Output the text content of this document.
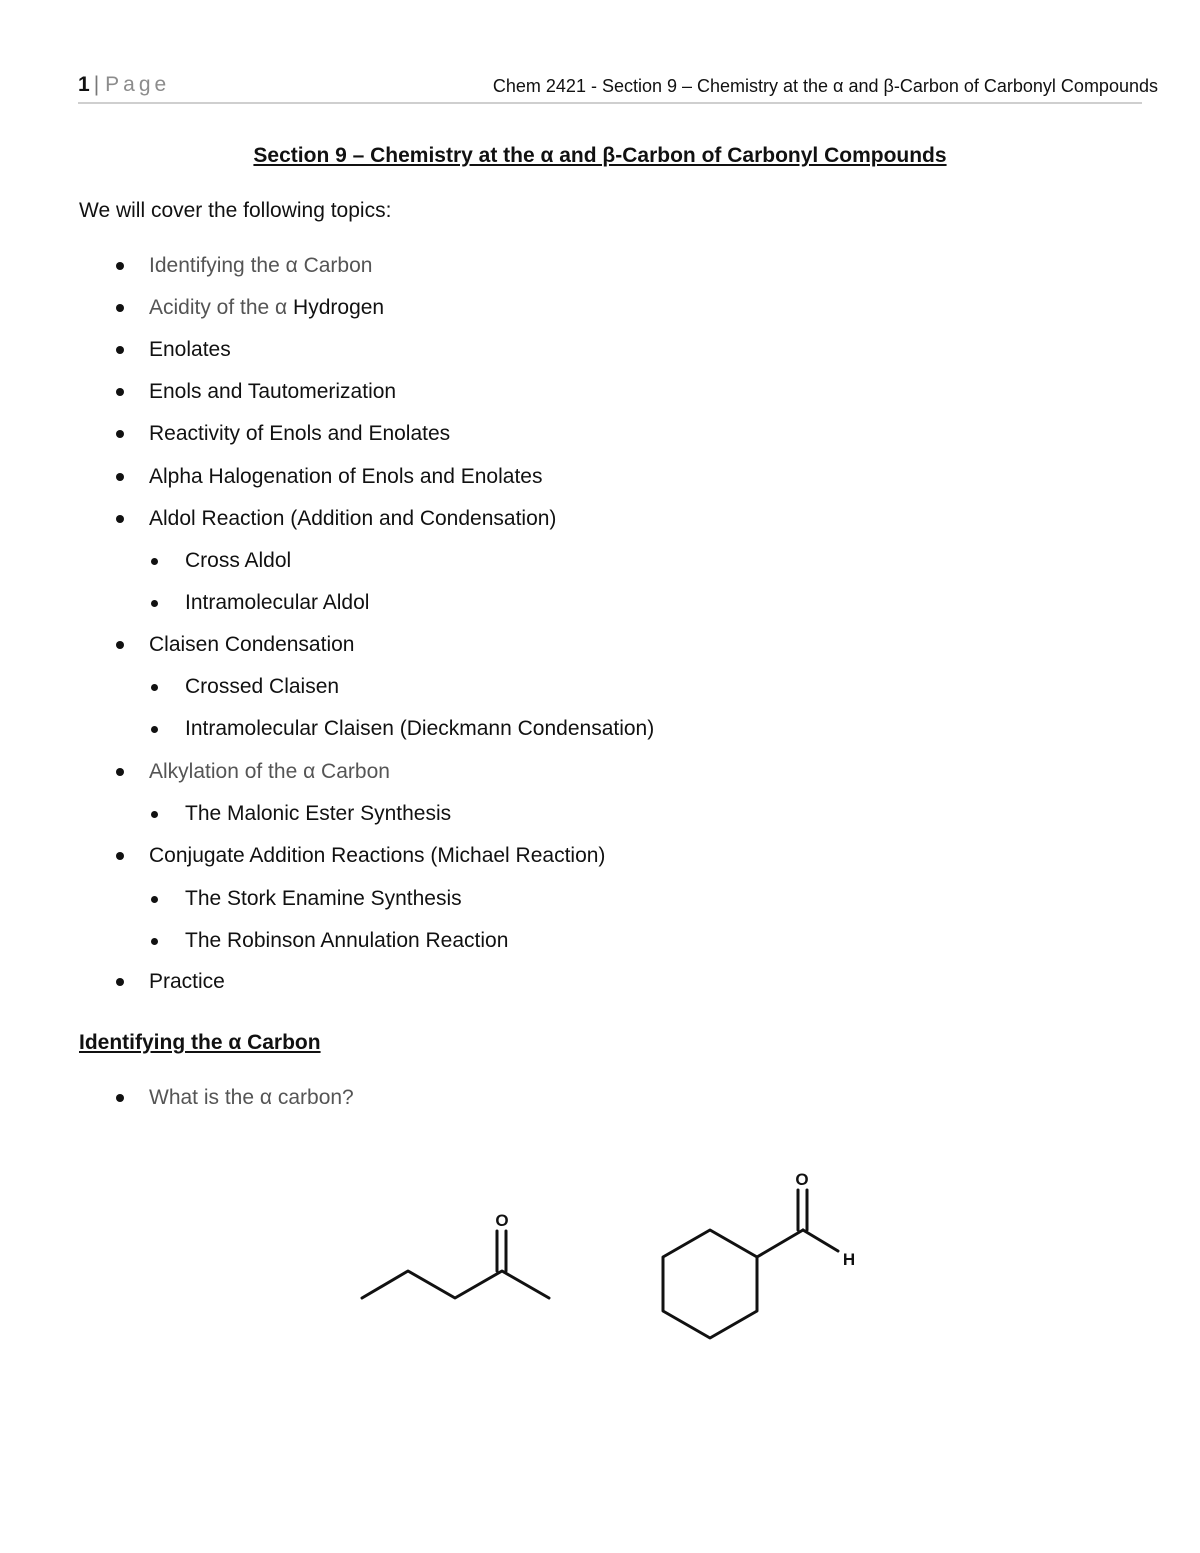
1 | Page	Chem 2421 - Section 9 – Chemistry at the α and β-Carbon of Carbonyl Compounds
Section 9 – Chemistry at the α and β-Carbon of Carbonyl Compounds
We will cover the following topics:
Identifying the α Carbon
Acidity of the α Hydrogen
Enolates
Enols and Tautomerization
Reactivity of Enols and Enolates
Alpha Halogenation of Enols and Enolates
Aldol Reaction (Addition and Condensation)
Cross Aldol
Intramolecular Aldol
Claisen Condensation
Crossed Claisen
Intramolecular Claisen (Dieckmann Condensation)
Alkylation of the α Carbon
The Malonic Ester Synthesis
Conjugate Addition Reactions (Michael Reaction)
The Stork Enamine Synthesis
The Robinson Annulation Reaction
Practice
Identifying the α Carbon
What is the α carbon?
O
O
H
